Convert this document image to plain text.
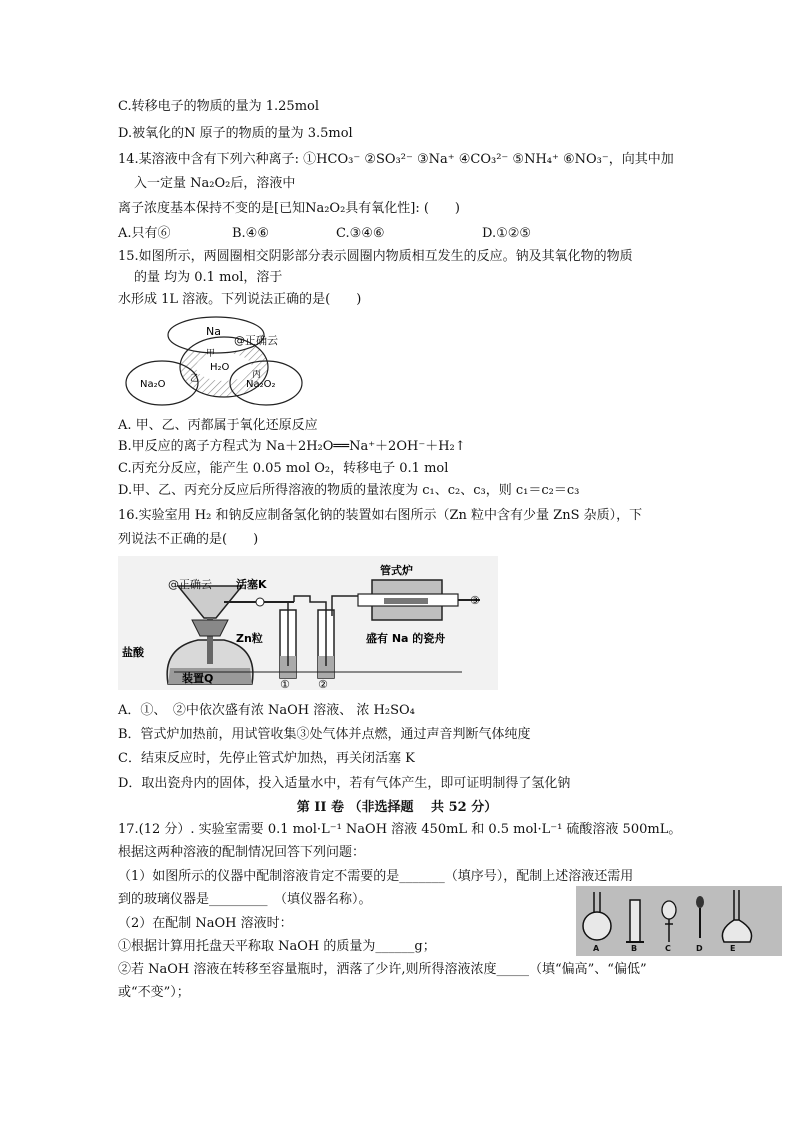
C.转移电子的物质的量为 1.25mol
D.被氧化的N 原子的物质的量为 3.5mol
14.某溶液中含有下列六种离子: ①HCO₃⁻ ②SO₃²⁻ ③Na⁺ ④CO₃²⁻ ⑤NH₄⁺ ⑥NO₃⁻，向其中加
入一定量 Na₂O₂后，溶液中
离子浓度基本保持不变的是[已知Na₂O₂具有氧化性]: (　　)
A.只有⑥	B.④⑥	C.③④⑥	D.①②⑤
15.如图所示，两圆圈相交阴影部分表示圆圈内物质相互发生的反应。钠及其氧化物的物质
的量 均为 0.1 mol，溶于
水形成 1L 溶液。下列说法正确的是(　　)
Na
H₂O
Na₂O	Na₂O₂
甲
乙	丙
@正确云
A. 甲、乙、丙都属于氧化还原反应
B.甲反应的离子方程式为 Na＋2H₂O══Na⁺＋2OH⁻＋H₂↑
C.丙充分反应，能产生 0.05 mol O₂，转移电子 0.1 mol
D.甲、乙、丙充分反应后所得溶液的物质的量浓度为 c₁、c₂、c₃，则 c₁＝c₂＝c₃
16.实验室用 H₂ 和钠反应制备氢化钠的装置如右图所示（Zn 粒中含有少量 ZnS 杂质），下
列说法不正确的是(　　)
③
活塞K
管式炉
Zn粒
盐酸
盛有 Na 的瓷舟
装置Q	①	②
@正确云
A．①、　②中依次盛有浓 NaOH 溶液、 浓 H₂SO₄
B．管式炉加热前，用试管收集③处气体并点燃，通过声音判断气体纯度
C．结束反应时，先停止管式炉加热，再关闭活塞 K
D．取出瓷舟内的固体，投入适量水中，若有气体产生，即可证明制得了氢化钠
第 II 卷 （非选择题　 共 52 分）
17.(12 分）. 实验室需要 0.1 mol·L⁻¹ NaOH 溶液 450mL 和 0.5 mol·L⁻¹ 硫酸溶液 500mL。
根据这两种溶液的配制情况回答下列问题：
（1）如图所示的仪器中配制溶液肯定不需要的是_______（填序号），配制上述溶液还需用
到的玻璃仪器是_________　（填仪器名称）。
（2）在配制 NaOH 溶液时：
①根据计算用托盘天平称取 NaOH 的质量为______g；
②若 NaOH 溶液在转移至容量瓶时，洒落了少许,则所得溶液浓度_____（填“偏高”、“偏低”
或“不变”）；
A	B	C	D	E
